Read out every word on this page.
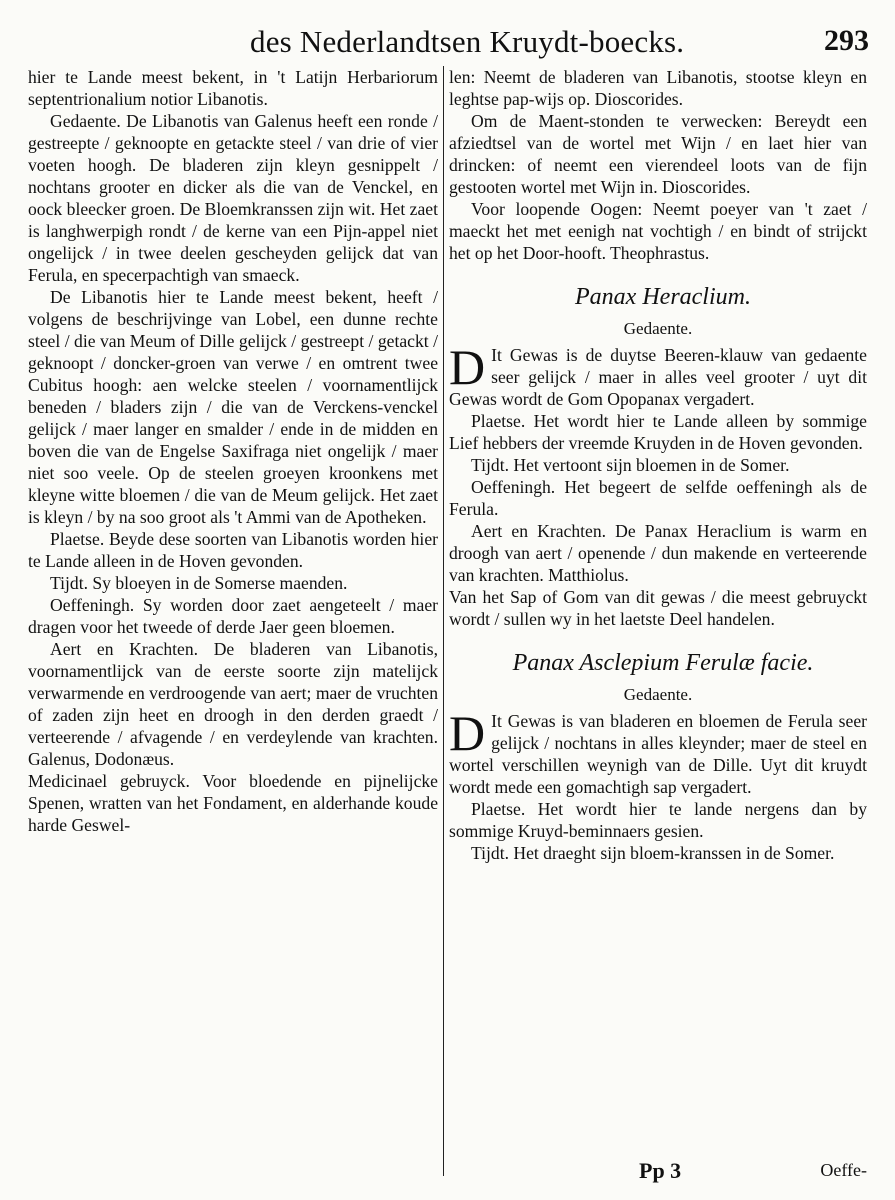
des Nederlandtsen Kruydt-boecks.	293

hier te Lande meest bekent, in 't Latijn Herbariorum septentrionalium notior Libanotis.

Gedaente. De Libanotis van Galenus heeft een ronde / gestreepte / geknoopte en getackte steel / van drie of vier voeten hoogh. De bladeren zijn kleyn gesnippelt / nochtans grooter en dicker als die van de Venckel, en oock bleecker groen. De Bloemkranssen zijn wit. Het zaet is langhwerpigh rondt / de kerne van een Pijn-appel niet ongelijck / in twee deelen gescheyden gelijck dat van Ferula, en specerpachtigh van smaeck.

De Libanotis hier te Lande meest bekent, heeft / volgens de beschrijvinge van Lobel, een dunne rechte steel / die van Meum of Dille gelijck / gestreept / getackt / geknoopt / doncker-groen van verwe / en omtrent twee Cubitus hoogh: aen welcke steelen / voornamentlijck beneden / bladers zijn / die van de Verckens-venckel gelijck / maer langer en smalder / ende in de midden en boven die van de Engelse Saxifraga niet ongelijk / maer niet soo veele. Op de steelen groeyen kroonkens met kleyne witte bloemen / die van de Meum gelijck. Het zaet is kleyn / by na soo groot als 't Ammi van de Apotheken.

Plaetse. Beyde dese soorten van Libanotis worden hier te Lande alleen in de Hoven gevonden.

Tijdt. Sy bloeyen in de Somerse maenden.

Oeffeningh. Sy worden door zaet aengeteelt / maer dragen voor het tweede of derde Jaer geen bloemen.

Aert en Krachten. De bladeren van Libanotis, voornamentlijck van de eerste soorte zijn matelijck verwarmende en verdroogende van aert; maer de vruchten of zaden zijn heet en droogh in den derden graedt / verteerende / afvagende / en verdeylende van krachten. Galenus, Dodonæus.

Medicinael gebruyck. Voor bloedende en pijnelijcke Spenen, wratten van het Fondament, en alderhande koude harde Geswel-

len: Neemt de bladeren van Libanotis, stootse kleyn en leghtse pap-wijs op. Dioscorides.

Om de Maent-stonden te verwecken: Bereydt een afziedtsel van de wortel met Wijn / en laet hier van drincken: of neemt een vierendeel loots van de fijn gestooten wortel met Wijn in. Dioscorides.

Voor loopende Oogen: Neemt poeyer van 't zaet / maeckt het met eenigh nat vochtigh / en bindt of strijckt het op het Door-hooft. Theophrastus.

Panax Heraclium.
Gedaente.

D It Gewas is de duytse Beeren-klauw van gedaente seer gelijck / maer in alles veel grooter / uyt dit Gewas wordt de Gom Opopanax vergadert.

Plaetse. Het wordt hier te Lande alleen by sommige Lief hebbers der vreemde Kruyden in de Hoven gevonden.

Tijdt. Het vertoont sijn bloemen in de Somer.

Oeffeningh. Het begeert de selfde oeffeningh als de Ferula.

Aert en Krachten. De Panax Heraclium is warm en droogh van aert / openende / dun makende en verteerende van krachten. Matthiolus.

Van het Sap of Gom van dit gewas / die meest gebruyckt wordt / sullen wy in het laetste Deel handelen.

Panax Asclepium Ferulæ facie.
Gedaente.

D It Gewas is van bladeren en bloemen de Ferula seer gelijck / nochtans in alles kleynder; maer de steel en wortel verschillen weynigh van de Dille. Uyt dit kruydt wordt mede een gomachtigh sap vergadert.

Plaetse. Het wordt hier te lande nergens dan by sommige Kruyd-beminnaers gesien.

Tijdt. Het draeght sijn bloem-kranssen in de Somer.

Pp 3	Oeffe-
